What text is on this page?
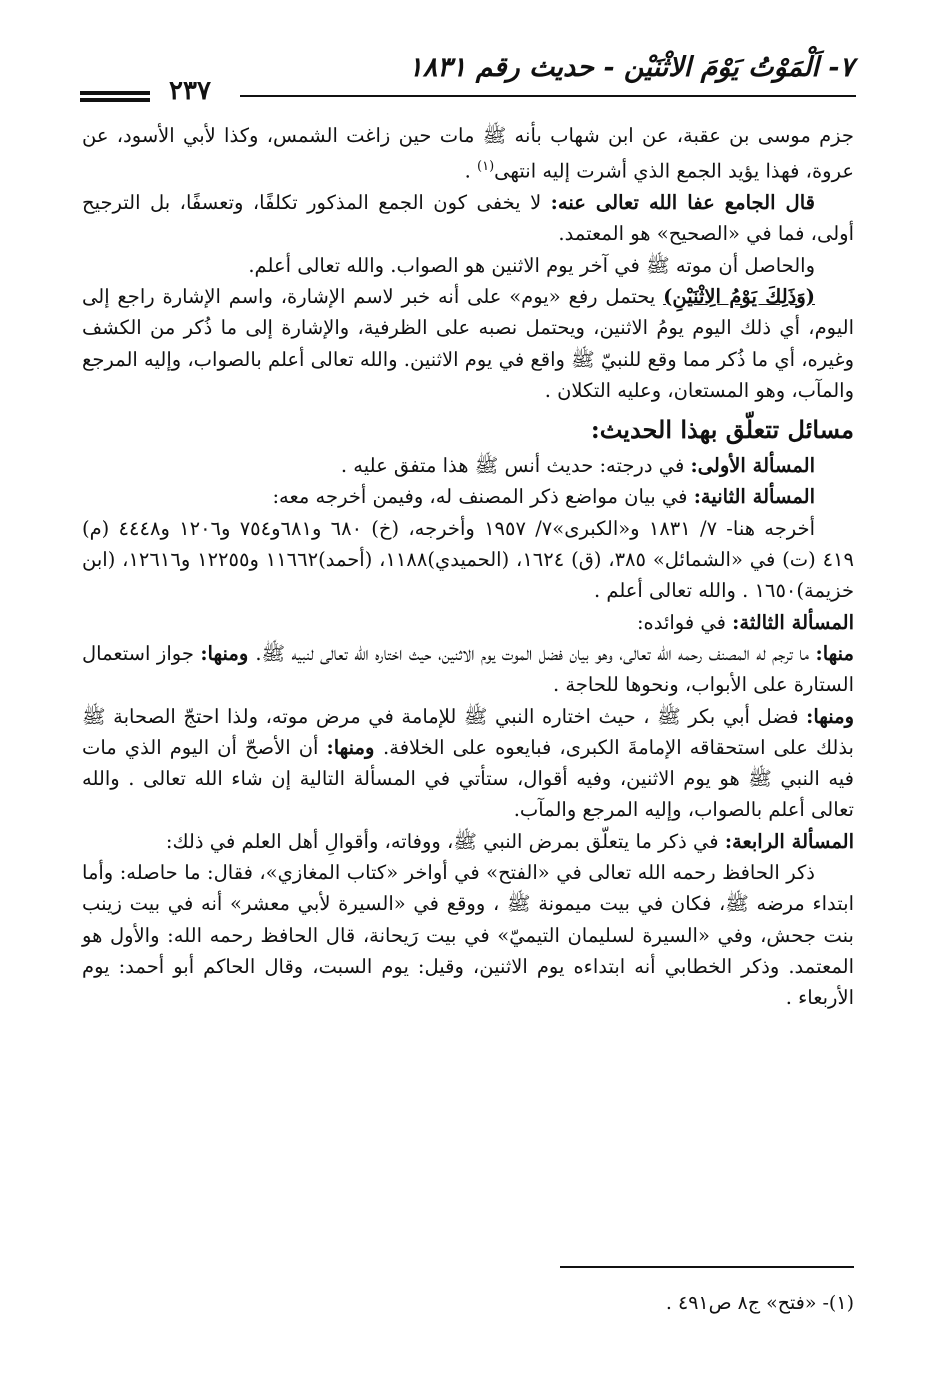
٧- اَلْمَوْتُ يَوْمَ الاثْنَيْن - حديث رقم ١٨٣١
٢٣٧

جزم موسى بن عقبة، عن ابن شهاب بأنه ﷺ مات حين زاغت الشمس، وكذا لأبي الأسود، عن عروة، فهذا يؤيد الجمع الذي أشرت إليه انتهى$^{(١)}$ .

قال الجامع عفا الله تعالى عنه: لا يخفى كون الجمع المذكور تكلفًا، وتعسفًا، بل الترجيح أولى، فما في «الصحيح» هو المعتمد.

والحاصل أن موته ﷺ في آخر يوم الاثنين هو الصواب. والله تعالى أعلم.

(وَذَلِكَ يَوْمُ الِاثْنَيْنِ) يحتمل رفع «يوم» على أنه خبر لاسم الإشارة، واسم الإشارة راجع إلى اليوم، أي ذلك اليوم يومُ الاثنين، ويحتمل نصبه على الظرفية، والإشارة إلى ما ذُكر من الكشف وغيره، أي ما ذُكر مما وقع للنبيّ ﷺ واقع في يوم الاثنين. والله تعالى أعلم بالصواب، وإليه المرجع والمآب، وهو المستعان، وعليه التكلان .

مسائل تتعلّق بهذا الحديث:

المسألة الأولى: في درجته: حديث أنس ﷺ هذا متفق عليه .

المسألة الثانية: في بيان مواضع ذكر المصنف له، وفيمن أخرجه معه:

أخرجه هنا- ٧/ ١٨٣١ و«الكبرى»٧/ ١٩٥٧ وأخرجه، (خ) ٦٨٠ و٦٨١و٧٥٤ و١٢٠٦ و٤٤٤٨ (م) ٤١٩ (ت) في «الشمائل» ٣٨٥، (ق) ١٦٢٤، (الحميدي)١١٨٨، (أحمد)١١٦٦٢ و١٢٢٥٥ و١٢٦١٦، (ابن خزيمة)١٦٥٠ . والله تعالى أعلم .

المسألة الثالثة: في فوائده:

منها: ما ترجم له المصنف رحمه الله تعالى، وهو بيان فضل الموت يوم الاثنين، حيث اختاره الله تعالى لنبيه ﷺ. ومنها: جواز استعمال الستارة على الأبواب، ونحوها للحاجة .

ومنها: فضل أبي بكر ﷺ ، حيث اختاره النبي ﷺ للإمامة في مرض موته، ولذا احتجّ الصحابة ﷺ بذلك على استحقاقه الإمامةَ الكبرى، فبايعوه على الخلافة. ومنها: أن الأصحّ أن اليوم الذي مات فيه النبي ﷺ هو يوم الاثنين، وفيه أقوال، ستأتي في المسألة التالية إن شاء الله تعالى . والله تعالى أعلم بالصواب، وإليه المرجع والمآب.

المسألة الرابعة: في ذكر ما يتعلّق بمرض النبي ﷺ، ووفاته، وأقوالِ أهل العلم في ذلك:

ذكر الحافظ رحمه الله تعالى في «الفتح» في أواخر «كتاب المغازي»، فقال: ما حاصله: وأما ابتداء مرضه ﷺ، فكان في بيت ميمونة ﷺ ، ووقع في «السيرة لأبي معشر» أنه في بيت زينب بنت جحش، وفي «السيرة لسليمان التيميّ» في بيت رَيحانة، قال الحافظ رحمه الله: والأول هو المعتمد. وذكر الخطابي أنه ابتداءه يوم الاثنين، وقيل: يوم السبت، وقال الحاكم أبو أحمد: يوم الأربعاء .

(١)- «فتح» ج٨ ص٤٩١ .
